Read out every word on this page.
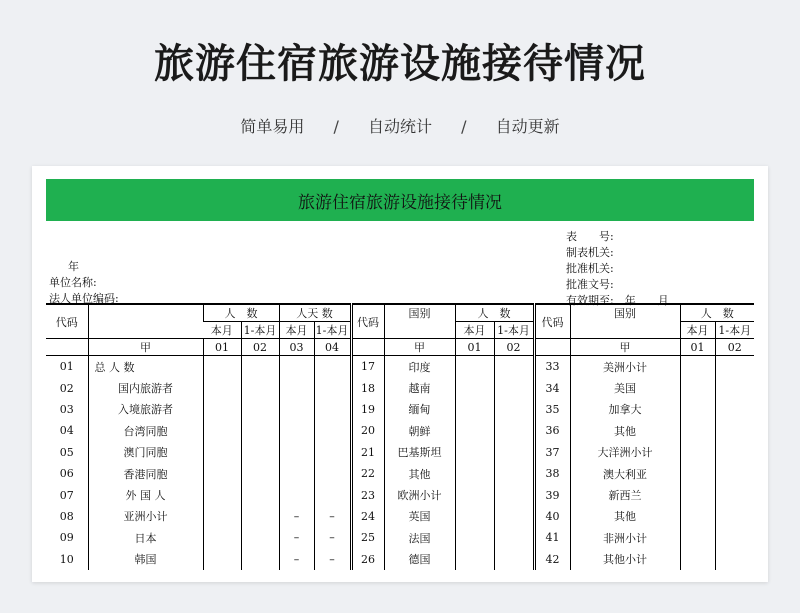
旅游住宿旅游设施接待情况
简单易用 / 自动统计 / 自动更新
旅游住宿旅游设施接待情况
年
单位名称:
法人单位编码:
表　　号:
制表机关:
批准机关:
批准文号:
有效期至:　年　　月
代码		人　数		人天 数		代码	国别	人　数		代码	国别	人　数	
		本月	1-本月	本月	1-本月			本月	1-本月			本月	1-本月
	甲	01	02	03	04		甲	01	02		甲	01	02
01	总 人 数					17	印度			33	美洲小计		
02	国内旅游者					18	越南			34	美国		
03	入境旅游者					19	缅甸			35	加拿大		
04	台湾同胞					20	朝鲜			36	其他		
05	澳门同胞					21	巴基斯坦			37	大洋洲小计		
06	香港同胞					22	其他			38	澳大利亚		
07	外 国 人					23	欧洲小计			39	新西兰		
08	亚洲小计			–	–	24	英国			40	其他		
09	日本			–	–	25	法国			41	非洲小计		
10	韩国			–	–	26	德国			42	其他小计		
